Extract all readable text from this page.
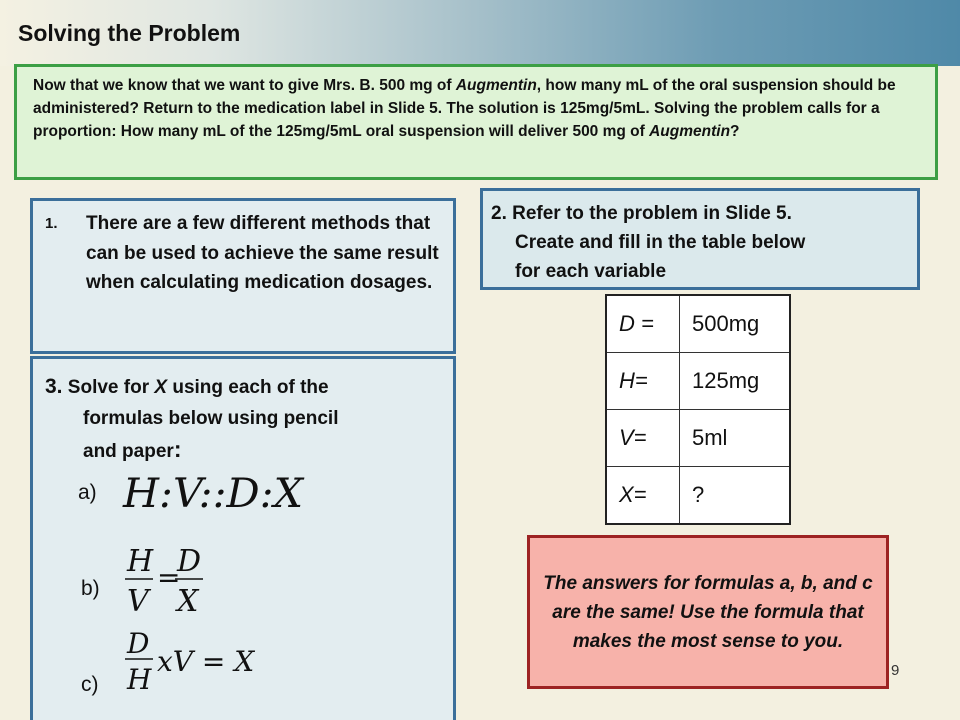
Solving the Problem
Now that we know that we want to give Mrs. B. 500 mg of Augmentin, how many mL of the oral suspension should be administered? Return to the medication label in Slide 5. The solution is 125mg/5mL. Solving the problem calls for a proportion: How many mL of the 125mg/5mL oral suspension will deliver 500 mg of Augmentin?
1.	There are a few different methods that can be used to achieve the same result when calculating medication dosages.
3. Solve for X using each of the
formulas below using pencil
and paper:
a) H:V::D:X
b)
H
V
=
D
X
c)
D
H
xV = X
2. Refer to the problem in Slide 5.
Create and fill in the table below
for each variable
D =	500mg
H=	125mg
V=	5ml
X=	?
The answers for formulas a, b, and c are the same! Use the formula that makes the most sense to you.
9
